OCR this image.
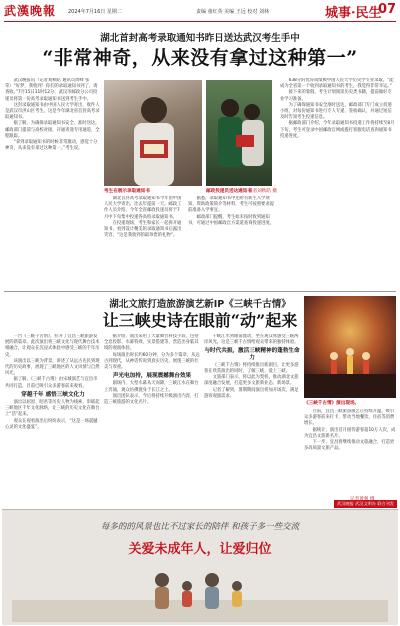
武漢晚報 2024年7月16日 星期二	责编 童红英 美编 王远 校对 刘林	城事·民生
07
湖北首封高考录取通知书昨日送达武汉考生手中
“非常神奇，从来没有拿过这种第一”

武汉晚报讯（记者刘秋皓 通讯员周峰 张荣）“好梦，我收到！你们的录取通知书到了，请查收。”7月15日11时12分，武汉市邮政分公司投递员将第一份高考录取通知书送到考生手中。

这封录取通知书由中国人民大学寄出，收件人是武汉市洪山区考生。这是今年湖北省首封高考录取通知书。

据了解，为确保录取通知书安全、准时送达，邮政部门提前与高校对接，开通寄递专用通道，全程跟踪。

“拿到录取通知书的时候非常激动，感觉十分神奇，从来没有拿过这种第一。”考生说。

考生在展示录取通知书	邮政投递员送达通知书
记者刘秋皓 摄

湖北首封高考录取通知书今年由中国人民大学寄出，比去年提前一天。邮政工作人员介绍，今年全省邮政投递员将于7月中下旬集中投递各高校录取通知书。

在投递现场，考生和家长一起拆开通知书，看到设计精美的录取通知书后露出笑容，“这是我收到的最珍贵的礼物”。

据悉，录取通知书中还附有新生入学须知、资助政策简介等材料，考生可按照要求提前准备入学事宜。

邮政部门提醒，考生如未按时收到通知书，可通过中国邮政官方渠道查询投递进度。

638分的优异成绩被中国人民大学历史学专业录取。“能成为全省第一个收到录取通知书的考生，我觉得非常幸运。”

接下来的暑假，考生计划阅读历史类书籍，提前做好专业学习准备。

为了确保通知书安全准时送达，邮政部门专门成立投递小组，对每份通知书进行专人专递、签收确认，并通过短信及时告知考生投递信息。

据邮政部门介绍，今年录取通知书投递工作将持续至8月下旬，考生可登录中国邮政官网或拨打客服电话查询通知书投递进度。

湖北文旅打造旅游演艺新IP《三峡千古情》
让三峡史诗在眼前“动”起来

一台《三峡千古情》，拉开了宜昌三峡旅游发展的新篇章。此次演出将三峡文化与现代舞台技术相融合，让观众在沉浸式体验中感受三峡的千年历史。

该演出以三峡为背景，讲述了从远古先民到现代的历史故事，展现了三峡地区的人文风情与自然风光。

据了解，《三峡千古情》由宋城演艺与宜昌市共同打造，目前已吸引众多游客前来观看。

穿越千年 感悟三峡文化力

演出以屈原、昭君等历史人物为线索，串联起三峡地区千年文化脉络，让三峡的历史文化在舞台上“活”起来。

观众在观看演出后纷纷表示，“这是一场震撼心灵的文化盛宴”。

据介绍，演出采用了大量舞台科技手段，包括全息投影、水幕特效、实景搭建等，营造出身临其境的观演体验。

每场演出时长约60分钟，分为多个篇章，从远古到现代，从神话传说到真实历史，展现三峡的壮美与厚重。

声光电加持，展现震撼舞台效果

剧场内，大型水幕从天而降，三峡江水在舞台上奔涌，观众仿佛置身于长江之上。

演出团队表示，今后将持续升级演出内容，打造三峡旅游的文化名片。

千峡江水到眼前流动，坐在观众席感受三峡两岸风光，这是三峡千古情给观众带来的独特体验。

与时代共振，激活三峡精神的蓬勃生命力

《三峡千古情》将持续推出新剧目，让更多游客在欣赏演出的同时，了解三峡、爱上三峡。

文旅部门表示，将以此为契机，推动湖北文旅深度融合发展，打造更多文旅新业态、新场景。

记者了解到，暑期期间演出将加开场次，满足游客观演需求。

《三峡千古情》演出现场。

目前，宜昌三峡旅游演艺正持续升温，吸引众多游客前来打卡，带动当地餐饮、住宿等消费增长。

据统计，演出首月接待游客超10万人次，成为宜昌文旅新名片。

下一步，宜昌将继续推动文旅融合，打造更多高质量文旅产品。

武汉晚报 武汉文明办 联合刊发
每多的的风景也比不过家长的陪伴 和孩子多一些交流
关爱未成年人，让爱归位
